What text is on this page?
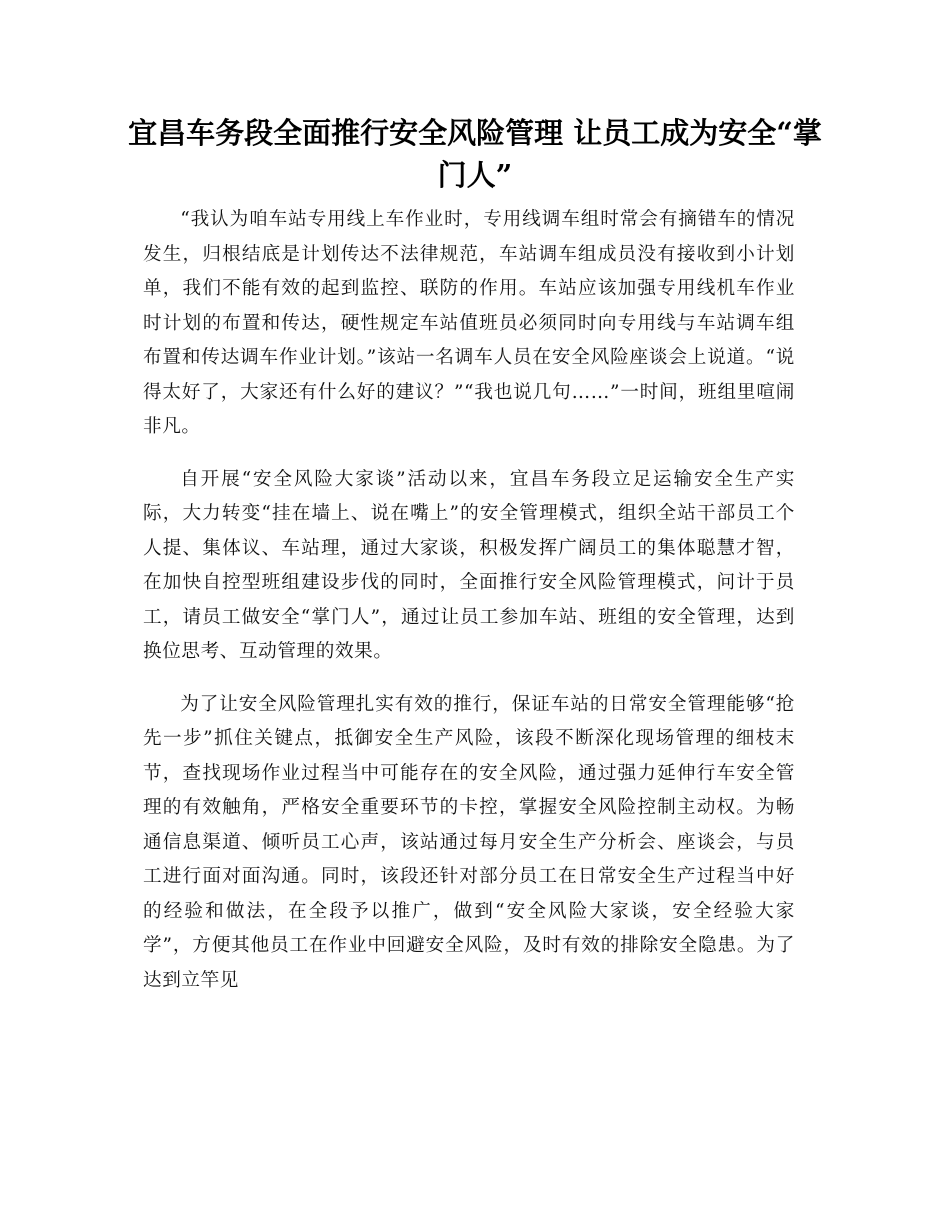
宜昌车务段全面推行安全风险管理 让员工成为安全“掌门人”

“我认为咱车站专用线上车作业时，专用线调车组时常会有摘错车的情况发生，归根结底是计划传达不法律规范，车站调车组成员没有接收到小计划单，我们不能有效的起到监控、联防的作用。车站应该加强专用线机车作业时计划的布置和传达，硬性规定车站值班员必须同时向专用线与车站调车组布置和传达调车作业计划。”该站一名调车人员在安全风险座谈会上说道。“说得太好了，大家还有什么好的建议？”“我也说几句……”一时间，班组里喧闹非凡。

自开展“安全风险大家谈”活动以来，宜昌车务段立足运输安全生产实际，大力转变“挂在墙上、说在嘴上”的安全管理模式，组织全站干部员工个人提、集体议、车站理，通过大家谈，积极发挥广阔员工的集体聪慧才智，在加快自控型班组建设步伐的同时，全面推行安全风险管理模式，问计于员工，请员工做安全“掌门人”，通过让员工参加车站、班组的安全管理，达到换位思考、互动管理的效果。

为了让安全风险管理扎实有效的推行，保证车站的日常安全管理能够“抢先一步”抓住关键点，抵御安全生产风险，该段不断深化现场管理的细枝末节，查找现场作业过程当中可能存在的安全风险，通过强力延伸行车安全管理的有效触角，严格安全重要环节的卡控，掌握安全风险控制主动权。为畅通信息渠道、倾听员工心声，该站通过每月安全生产分析会、座谈会，与员工进行面对面沟通。同时，该段还针对部分员工在日常安全生产过程当中好的经验和做法，在全段予以推广，做到“安全风险大家谈，安全经验大家学”，方便其他员工在作业中回避安全风险，及时有效的排除安全隐患。为了达到立竿见
